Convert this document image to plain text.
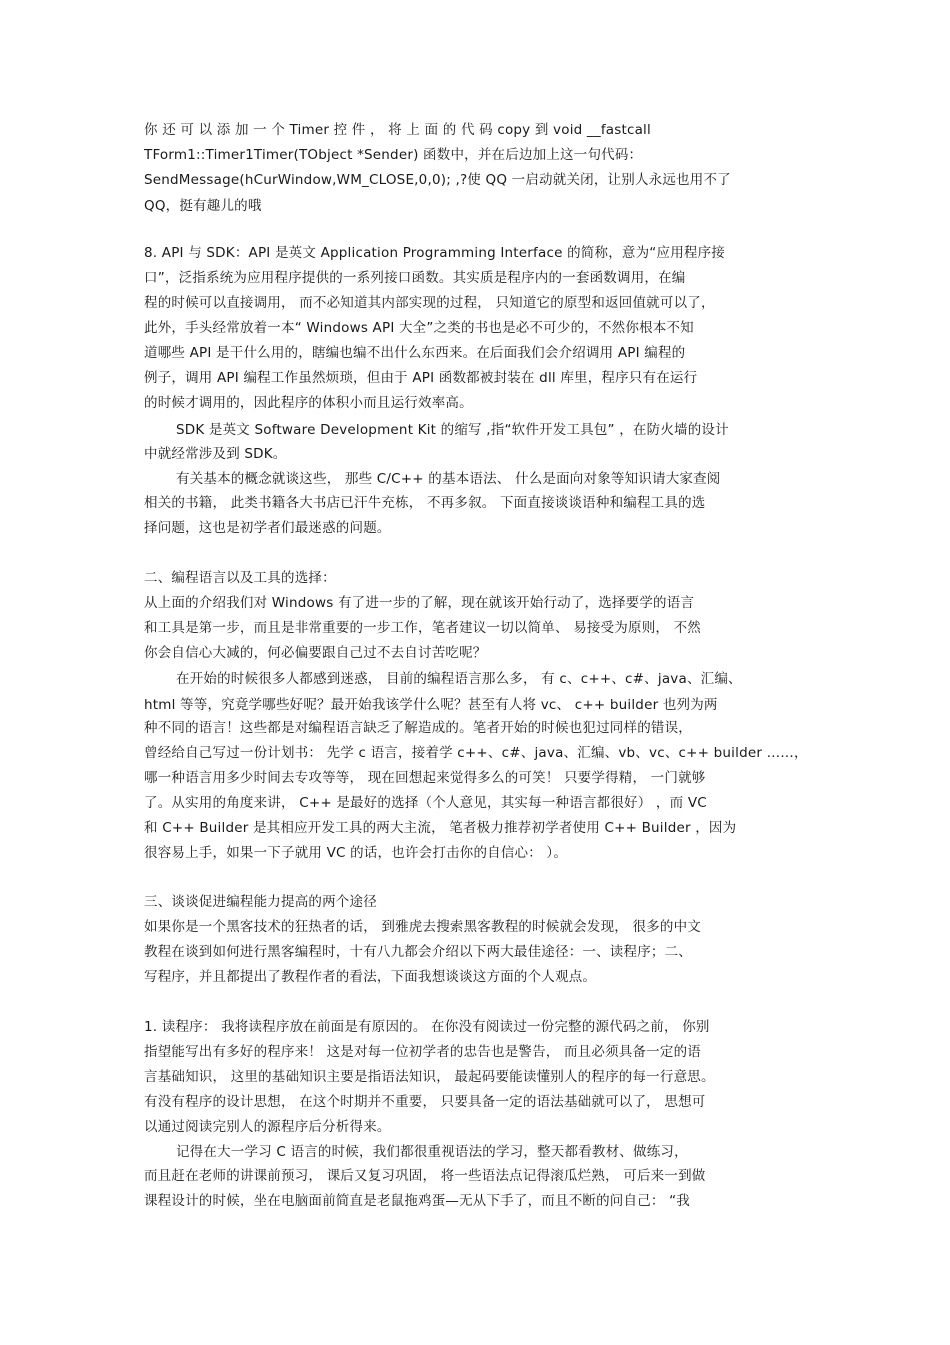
你 还 可 以 添 加 一 个 Timer 控 件 ， 将 上 面 的 代 码 copy 到 void __fastcall
TForm1::Timer1Timer(TObject *Sender) 函数中，并在后边加上这一句代码：
SendMessage(hCurWindow,WM_CLOSE,0,0); ,?使 QQ 一启动就关闭，让别人永远也用不了
QQ，挺有趣儿的哦
8. API 与 SDK：API 是英文 Application Programming Interface 的简称，意为“应用程序接
口”，泛指系统为应用程序提供的一系列接口函数。其实质是程序内的一套函数调用，在编
程的时候可以直接调用， 而不必知道其内部实现的过程， 只知道它的原型和返回值就可以了，
此外，手头经常放着一本“ Windows API 大全”之类的书也是必不可少的，不然你根本不知
道哪些 API 是干什么用的，瞎编也编不出什么东西来。在后面我们会介绍调用 API 编程的
例子，调用 API 编程工作虽然烦琐，但由于 API 函数都被封装在 dll 库里，程序只有在运行
的时候才调用的，因此程序的体积小而且运行效率高。
SDK 是英文 Software Development Kit 的缩写 ,指“软件开发工具包” ，在防火墙的设计
中就经常涉及到 SDK。
有关基本的概念就谈这些， 那些 C/C++ 的基本语法、 什么是面向对象等知识请大家查阅
相关的书籍， 此类书籍各大书店已汗牛充栋， 不再多叙。 下面直接谈谈语种和编程工具的选
择问题，这也是初学者们最迷惑的问题。
二、编程语言以及工具的选择：
从上面的介绍我们对 Windows 有了进一步的了解，现在就该开始行动了，选择要学的语言
和工具是第一步，而且是非常重要的一步工作，笔者建议一切以简单、 易接受为原则， 不然
你会自信心大减的，何必偏要跟自己过不去自讨苦吃呢？
在开始的时候很多人都感到迷惑， 目前的编程语言那么多， 有 c、c++、c#、java、汇编、
html 等等，究竟学哪些好呢？最开始我该学什么呢？甚至有人将 vc、 c++ builder 也列为两
种不同的语言！这些都是对编程语言缺乏了解造成的。笔者开始的时候也犯过同样的错误，
曾经给自己写过一份计划书： 先学 c 语言，接着学 c++、c#、java、汇编、vb、vc、c++ builder ……，
哪一种语言用多少时间去专攻等等， 现在回想起来觉得多么的可笑！ 只要学得精， 一门就够
了。从实用的角度来讲， C++ 是最好的选择（个人意见，其实每一种语言都很好） ，而 VC
和 C++ Builder 是其相应开发工具的两大主流， 笔者极力推荐初学者使用 C++ Builder ，因为
很容易上手，如果一下子就用 VC 的话，也许会打击你的自信心： ）。
三、谈谈促进编程能力提高的两个途径
如果你是一个黑客技术的狂热者的话， 到雅虎去搜索黑客教程的时候就会发现， 很多的中文
教程在谈到如何进行黑客编程时，十有八九都会介绍以下两大最佳途径：一、读程序；二、
写程序，并且都提出了教程作者的看法，下面我想谈谈这方面的个人观点。
1. 读程序： 我将读程序放在前面是有原因的。 在你没有阅读过一份完整的源代码之前， 你别
指望能写出有多好的程序来！ 这是对每一位初学者的忠告也是警告， 而且必须具备一定的语
言基础知识， 这里的基础知识主要是指语法知识， 最起码要能读懂别人的程序的每一行意思。
有没有程序的设计思想， 在这个时期并不重要， 只要具备一定的语法基础就可以了， 思想可
以通过阅读完别人的源程序后分析得来。
记得在大一学习 C 语言的时候，我们都很重视语法的学习，整天都看教材、做练习，
而且赶在老师的讲课前预习， 课后又复习巩固， 将一些语法点记得滚瓜烂熟， 可后来一到做
课程设计的时候，坐在电脑面前简直是老鼠拖鸡蛋—无从下手了，而且不断的问自己： “我
